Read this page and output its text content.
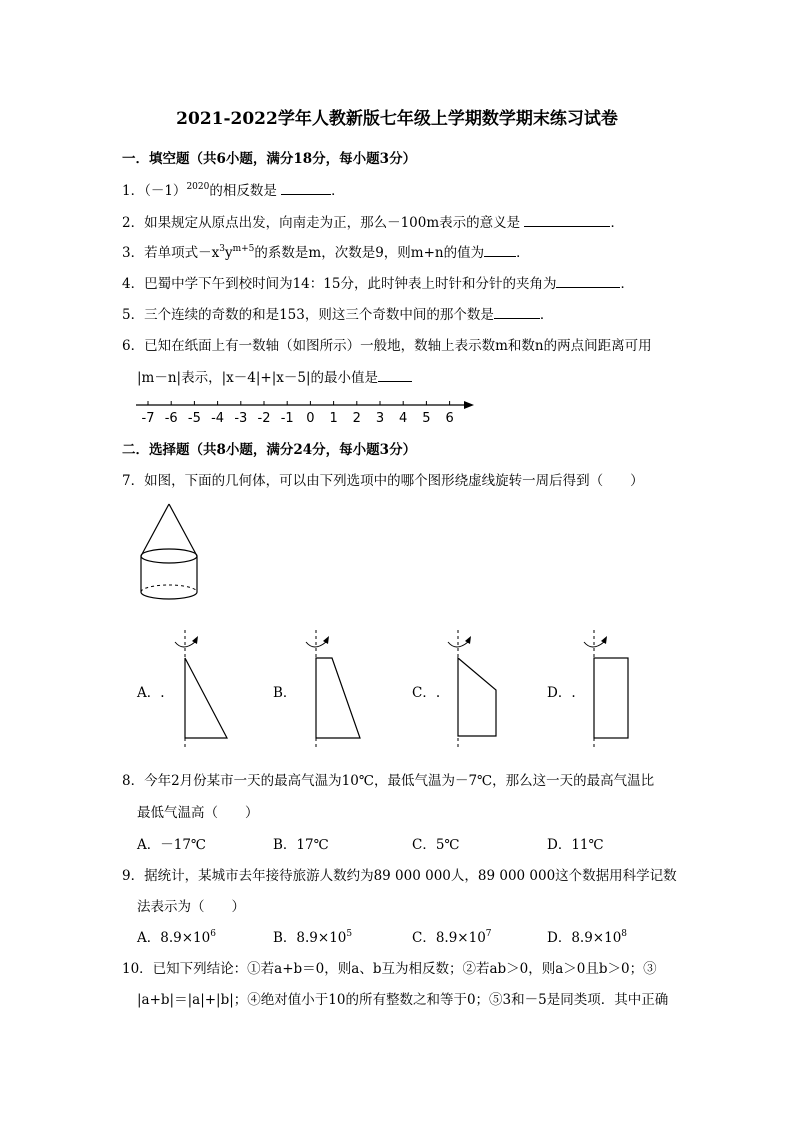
2021-2022学年人教新版七年级上学期数学期末练习试卷
一．填空题（共6小题，满分18分，每小题3分）
1．$(-1)^{2020}$的相反数是	．
2．如果规定从原点出发，向南走为正，那么－100m表示的意义是	．
3．若单项式$-x^3y^{m+5}$的系数是m，次数是9，则m+n的值为 ．
4．巴蜀中学下午到校时间为14：15分，此时钟表上时针和分针的夹角为	．
5．三个连续的奇数的和是153，则这三个奇数中间的那个数是	．
6．已知在纸面上有一数轴（如图所示）一般地，数轴上表示数m和数n的两点间距离可用
|m－n|表示，|x－4|+|x－5|的最小值是
-7 -6 -5 -4 -3 -2 -1 0 1 2 3 4 5 6
二．选择题（共8小题，满分24分，每小题3分）
7．如图，下面的几何体，可以由下列选项中的哪个图形绕虚线旋转一周后得到（　　）
A．.	B．	C．.	D．.
8．今年2月份某市一天的最高气温为10℃，最低气温为－7℃，那么这一天的最高气温比
最低气温高（　　）
A．－17℃	B．17℃	C．5℃	D．11℃
9．据统计，某城市去年接待旅游人数约为89 000 000人，89 000 000这个数据用科学记数
法表示为（　　）
A．$8.9\times 10^6$	B．$8.9\times 10^5$	C．$8.9\times 10^7$	D．$8.9\times 10^8$
10．已知下列结论：①若a+b＝0，则a、b互为相反数；②若ab＞0，则a＞0且b＞0；③
|a+b|＝|a|+|b|；④绝对值小于10的所有整数之和等于0；⑤3和－5是同类项．其中正确
